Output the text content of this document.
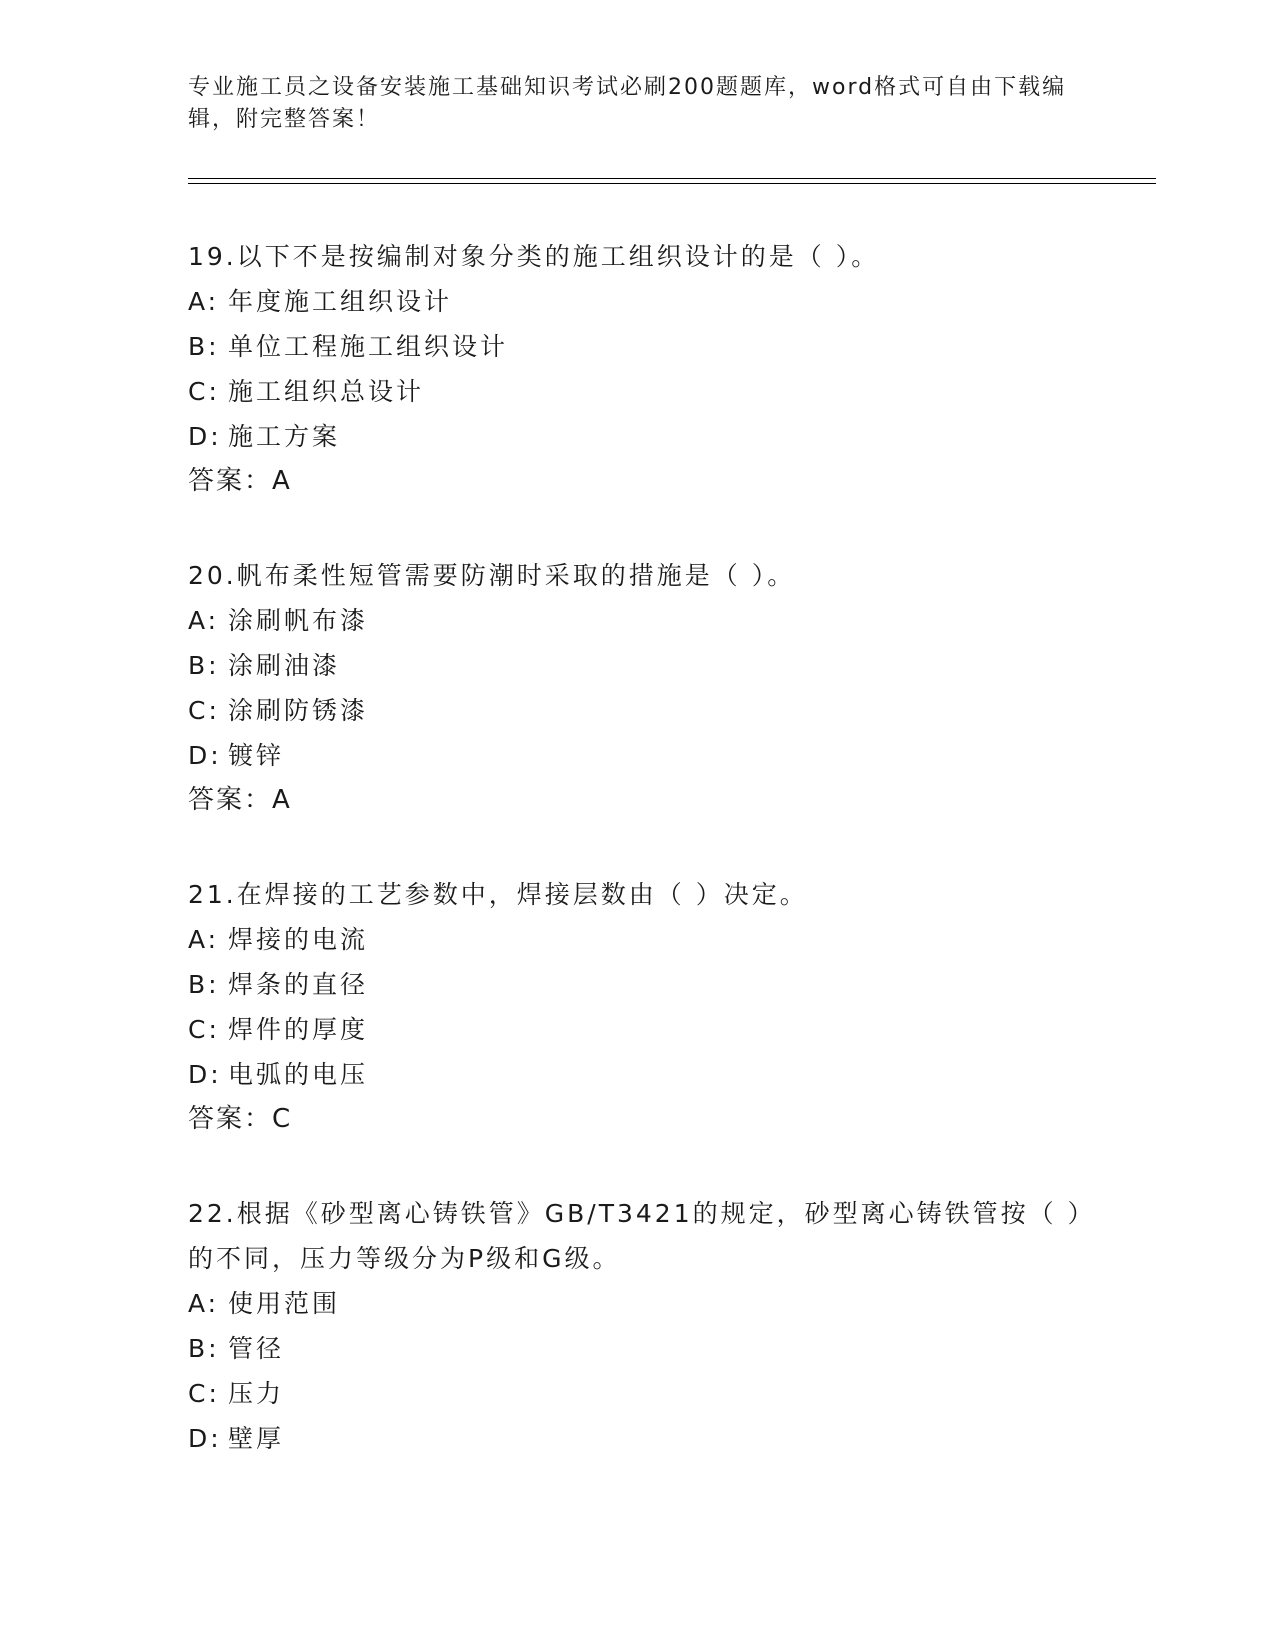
专业施工员之设备安装施工基础知识考试必刷200题题库，word格式可自由下载编辑，附完整答案！
19.以下不是按编制对象分类的施工组织设计的是（ ）。
A: 年度施工组织设计
B: 单位工程施工组织设计
C: 施工组织总设计
D: 施工方案
答案：A
20.帆布柔性短管需要防潮时采取的措施是（ ）。
A: 涂刷帆布漆
B: 涂刷油漆
C: 涂刷防锈漆
D: 镀锌
答案：A
21.在焊接的工艺参数中，焊接层数由（ ）决定。
A: 焊接的电流
B: 焊条的直径
C: 焊件的厚度
D: 电弧的电压
答案：C
22.根据《砂型离心铸铁管》GB/T3421的规定，砂型离心铸铁管按（ ）的不同，压力等级分为P级和G级。
A: 使用范围
B: 管径
C: 压力
D: 壁厚
